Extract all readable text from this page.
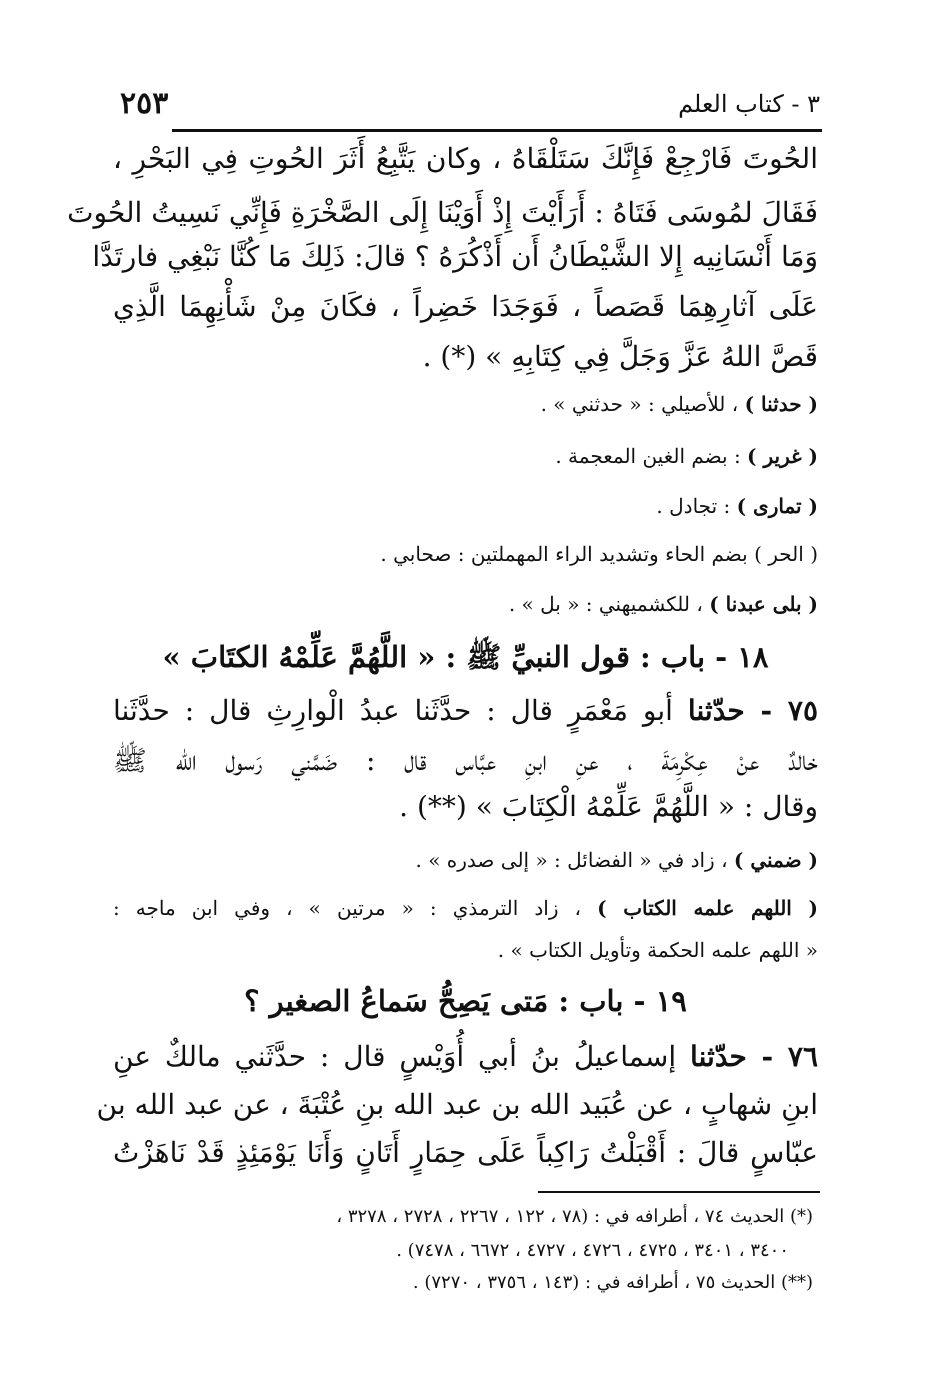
٣ - كتاب العلم
٢٥٣
الحُوتَ فَارْجِعْ فَإِنَّكَ سَتَلْقَاهُ ، وكان يَتَّبِعُ أَثَرَ الحُوتِ فِي البَحْرِ ،
فَقَالَ لمُوسَى فَتَاهُ : أَرَأَيْتَ إِذْ أَوَيْنَا إِلَى الصَّخْرَةِ فَإِنِّي نَسِيتُ الحُوتَ
وَمَا أَنْسَانِيه إِلا الشَّيْطَانُ أَن أَذْكُرَهُ ؟ قالَ: ذَلِكَ مَا كُنَّا نَبْغِي فارتَدَّا
عَلَى آثارِهِمَا قَصَصاً ، فَوَجَدَا خَضِراً ، فكَانَ مِنْ شَأْنِهِمَا الَّذِي
قَصَّ اللهُ عَزَّ وَجَلَّ فِي كِتَابِهِ » (*) .
( حدثنا ) ، للأصيلي : « حدثني » .
( غرير ) : بضم الغين المعجمة .
( تمارى ) : تجادل .
( الحر ) بضم الحاء وتشديد الراء المهملتين : صحابي .
( بلى عبدنا ) ، للكشميهني : « بل » .
١٨ - باب : قول النبيِّ ﷺ : « اللَّهُمَّ عَلِّمْهُ الكتَابَ »
٧٥ - حدّثنا أبو مَعْمَرٍ قال : حدَّثَنا عبدُ الْوارِثِ قال : حدَّثَنا
خالدٌ عنْ عِكْرِمَةَ ، عنِ ابنِ عبَّاس قال : ضَمَّني رَسول الله ﷺ
وقال : « اللَّهُمَّ عَلِّمْهُ الْكِتَابَ » (**) .
( ضمني ) ، زاد في « الفضائل : « إلى صدره » .
( اللهم علمه الكتاب ) ، زاد الترمذي : « مرتين » ، وفي ابن ماجه :
« اللهم علمه الحكمة وتأويل الكتاب » .
١٩ - باب : مَتى يَصِحُّ سَماعُ الصغير ؟
٧٦ - حدّثنا إسماعيلُ بنُ أبي أُوَيْسٍ قال : حدَّثَني مالكٌ عنِ
ابنِ شهابٍ ، عن عُبَيد الله بن عبد الله بنِ عُتْبَةَ ، عن عبد الله بن
عبّاسٍ قالَ : أَقْبَلْتُ رَاكِباً عَلَى حِمَارٍ أَتَانٍ وَأَنَا يَوْمَئِذٍ قَدْ نَاهَزْتُ
(*) الحديث ٧٤ ، أطرافه في : (٧٨ ، ١٢٢ ، ٢٢٦٧ ، ٢٧٢٨ ، ٣٢٧٨ ،
٣٤٠٠ ، ٣٤٠١ ، ٤٧٢٥ ، ٤٧٢٦ ، ٤٧٢٧ ، ٦٦٧٢ ، ٧٤٧٨) .
(**) الحديث ٧٥ ، أطرافه في : (١٤٣ ، ٣٧٥٦ ، ٧٢٧٠) .
